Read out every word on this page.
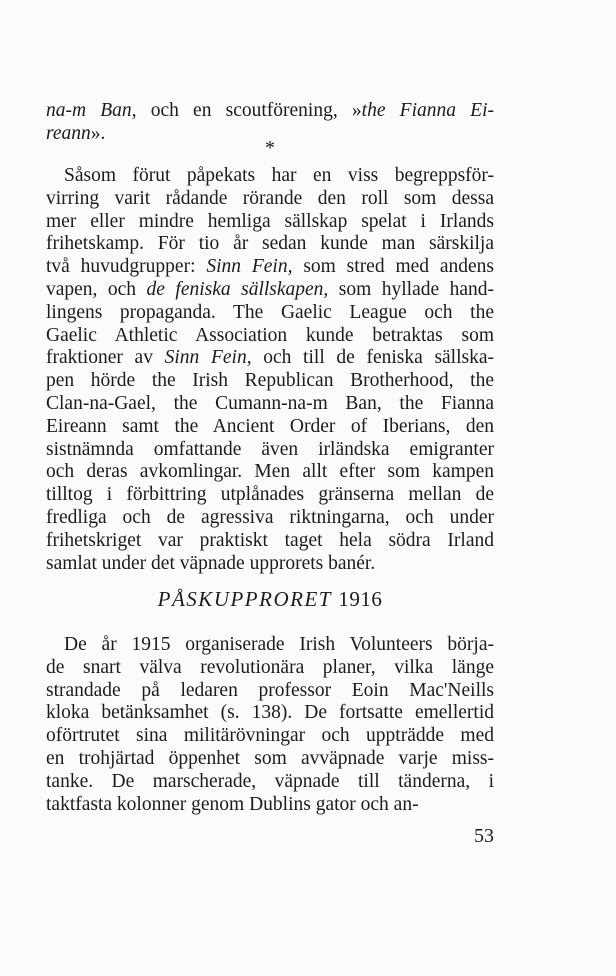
na-m Ban, och en scoutförening, »the Fianna Ei-
reann».
*
Såsom förut påpekats har en viss begreppsför-
virring varit rådande rörande den roll som dessa
mer eller mindre hemliga sällskap spelat i Irlands
frihetskamp. För tio år sedan kunde man särskilja
två huvudgrupper: Sinn Fein, som stred med andens
vapen, och de feniska sällskapen, som hyllade hand-
lingens propaganda. The Gaelic League och the
Gaelic Athletic Association kunde betraktas som
fraktioner av Sinn Fein, och till de feniska sällska-
pen hörde the Irish Republican Brotherhood, the
Clan-na-Gael, the Cumann-na-m Ban, the Fianna
Eireann samt the Ancient Order of Iberians, den
sistnämnda omfattande även irländska emigranter
och deras avkomlingar. Men allt efter som kampen
tilltog i förbittring utplånades gränserna mellan de
fredliga och de agressiva riktningarna, och under
frihetskriget var praktiskt taget hela södra Irland
samlat under det väpnade upprorets banér.
PÅSKUPPRORET 1916
De år 1915 organiserade Irish Volunteers börja-
de snart välva revolutionära planer, vilka länge
strandade på ledaren professor Eoin Mac'Neills
kloka betänksamhet (s. 138). De fortsatte emellertid
oförtrutet sina militärövningar och uppträdde med
en trohjärtad öppenhet som avväpnade varje miss-
tanke. De marscherade, väpnade till tänderna, i
taktfasta kolonner genom Dublins gator och an-
53
